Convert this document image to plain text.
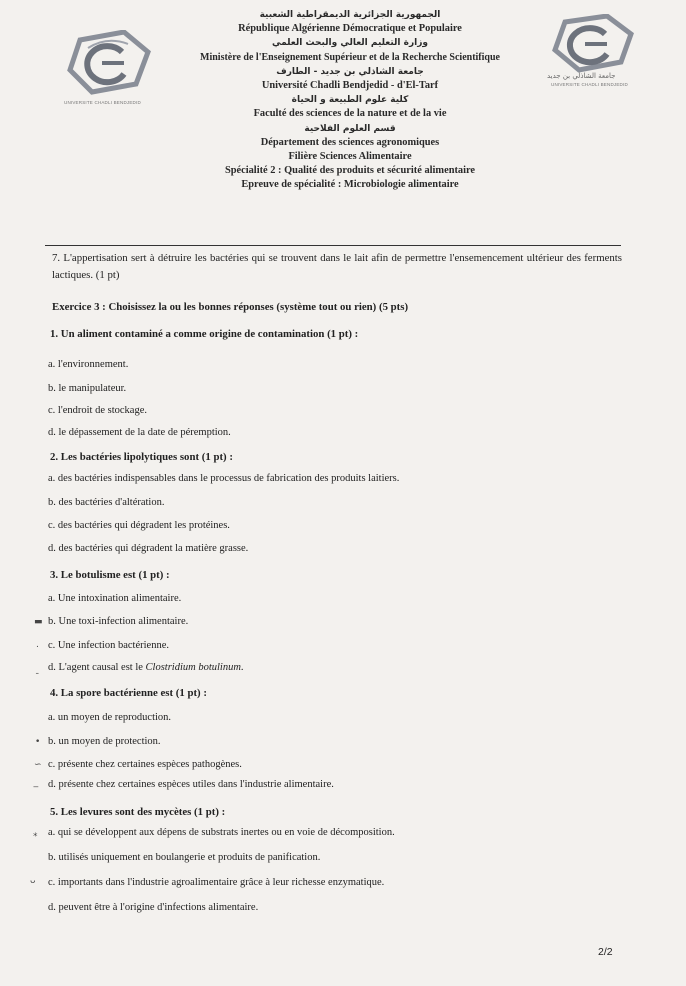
UNIVERSITE CHADLI BENDJEDID
جامعة الشاذلي بن جديد
UNIVERSITE CHADLI BENDJEDID
الجمهورية الجزائرية الديمقراطية الشعبية
République Algérienne Démocratique et Populaire
وزارة التعليم العالي والبحث العلمي
Ministère de l'Enseignement Supérieur et de la Recherche Scientifique
جامعة الشاذلي بن جديد - الطارف
Université Chadli Bendjedid - d'El-Tarf
كلية علوم الطبيعة و الحياة
Faculté des sciences de la nature et de la vie
قسم العلوم الفلاحية
Département des sciences agronomiques
Filière Sciences Alimentaire
Spécialité 2 : Qualité des produits et sécurité alimentaire
Epreuve de spécialité : Microbiologie alimentaire
7. L'appertisation sert à détruire les bactéries qui se trouvent dans le lait afin de permettre l'ensemencement ultérieur des ferments lactiques. (1 pt)
Exercice 3 : Choisissez la ou les bonnes réponses (système tout ou rien) (5 pts)
1. Un aliment contaminé a comme origine de contamination (1 pt) :
a. l'environnement.
b. le manipulateur.
c. l'endroit de stockage.
d. le dépassement de la date de péremption.
2. Les bactéries lipolytiques sont (1 pt) :
a. des bactéries indispensables dans le processus de fabrication des produits laitiers.
b. des bactéries d'altération.
c. des bactéries qui dégradent les protéines.
d. des bactéries qui dégradent la matière grasse.
3. Le botulisme est (1 pt) :
a. Une intoxination alimentaire.
▬ b. Une toxi-infection alimentaire.
. c. Une infection bactérienne.
ˍ d. L'agent causal est le Clostridium botulinum.
4. La spore bactérienne est (1 pt) :
a. un moyen de reproduction.
• b. un moyen de protection.
∽ c. présente chez certaines espèces pathogènes.
‒ d. présente chez certaines espèces utiles dans l'industrie alimentaire.
5. Les levures sont des mycètes (1 pt) :
⁎ a. qui se développent aux dépens de substrats inertes ou en voie de décomposition.
b. utilisés uniquement en boulangerie et produits de panification.
ᴗ c. importants dans l'industrie agroalimentaire grâce à leur richesse enzymatique.
d. peuvent être à l'origine d'infections alimentaire.
2/2
